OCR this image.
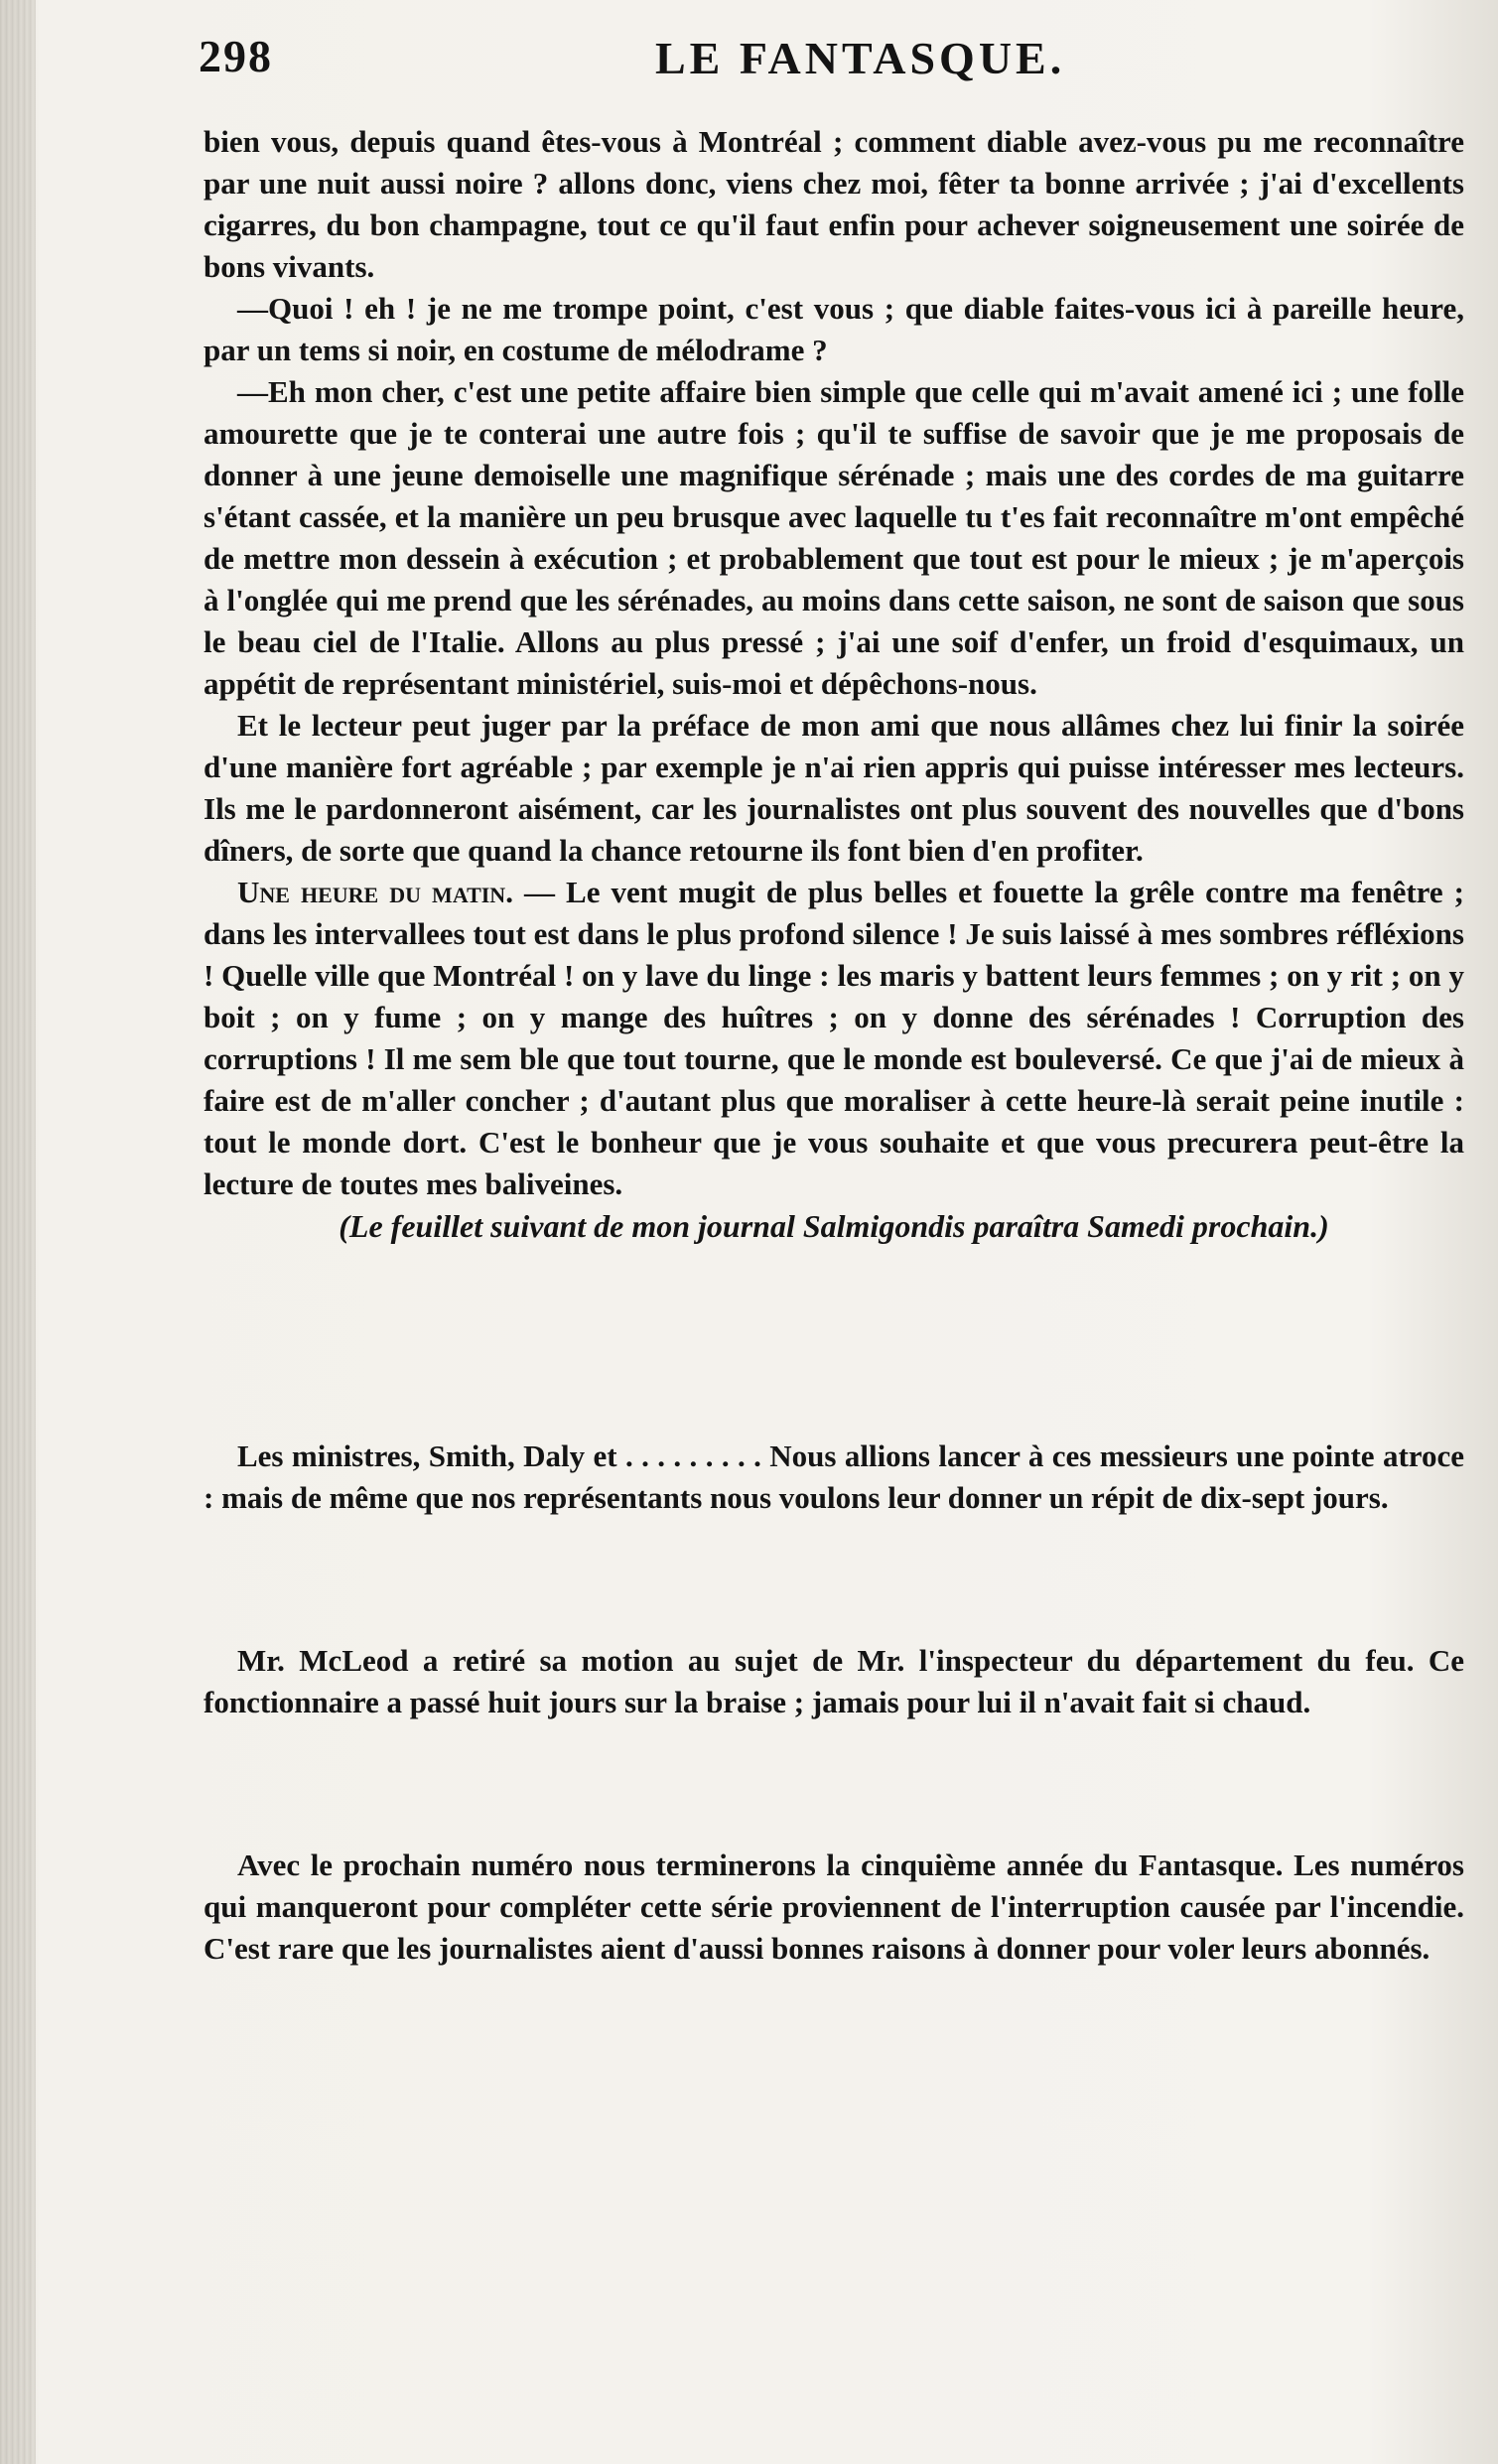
298	LE FANTASQUE.

bien vous, depuis quand êtes-vous à Montréal ; comment diable avez-vous pu me reconnaître par une nuit aussi noire ? allons donc, viens chez moi, fêter ta bonne arrivée ; j'ai d'excellents cigarres, du bon champagne, tout ce qu'il faut enfin pour achever soigneusement une soirée de bons vivants.

—Quoi ! eh ! je ne me trompe point, c'est vous ; que diable faites-vous ici à pareille heure, par un tems si noir, en costume de mélodrame ?

—Eh mon cher, c'est une petite affaire bien simple que celle qui m'avait amené ici ; une folle amourette que je te conterai une autre fois ; qu'il te suffise de savoir que je me proposais de donner à une jeune demoiselle une magnifique sérénade ; mais une des cordes de ma guitarre s'étant cassée, et la manière un peu brusque avec laquelle tu t'es fait reconnaître m'ont empêché de mettre mon dessein à exécution ; et probablement que tout est pour le mieux ; je m'aperçois à l'onglée qui me prend que les sérénades, au moins dans cette saison, ne sont de saison que sous le beau ciel de l'Italie. Allons au plus pressé ; j'ai une soif d'enfer, un froid d'esquimaux, un appétit de représentant ministériel, suis-moi et dépêchons-nous.

Et le lecteur peut juger par la préface de mon ami que nous allâmes chez lui finir la soirée d'une manière fort agréable ; par exemple je n'ai rien appris qui puisse intéresser mes lecteurs. Ils me le pardonneront aisément, car les journalistes ont plus souvent des nouvelles que d'bons dîners, de sorte que quand la chance retourne ils font bien d'en profiter.

Une heure du matin. — Le vent mugit de plus belles et fouette la grêle contre ma fenêtre ; dans les intervallees tout est dans le plus profond silence ! Je suis laissé à mes sombres réfléxions ! Quelle ville que Montréal ! on y lave du linge : les maris y battent leurs femmes ; on y rit ; on y boit ; on y fume ; on y mange des huîtres ; on y donne des sérénades ! Corruption des corruptions ! Il me sem ble que tout tourne, que le monde est bouleversé. Ce que j'ai de mieux à faire est de m'aller concher ; d'autant plus que moraliser à cette heure-là serait peine inutile : tout le monde dort. C'est le bonheur que je vous souhaite et que vous precurera peut-être la lecture de toutes mes baliveines.

(Le feuillet suivant de mon journal Salmigondis paraîtra Samedi prochain.)

Les ministres, Smith, Daly et . . . . . . . . . Nous allions lancer à ces messieurs une pointe atroce : mais de même que nos représentants nous voulons leur donner un répit de dix-sept jours.

Mr. McLeod a retiré sa motion au sujet de Mr. l'inspecteur du département du feu. Ce fonctionnaire a passé huit jours sur la braise ; jamais pour lui il n'avait fait si chaud.

Avec le prochain numéro nous terminerons la cinquième année du Fantasque. Les numéros qui manqueront pour compléter cette série proviennent de l'interruption causée par l'incendie. C'est rare que les journalistes aient d'aussi bonnes raisons à donner pour voler leurs abonnés.
